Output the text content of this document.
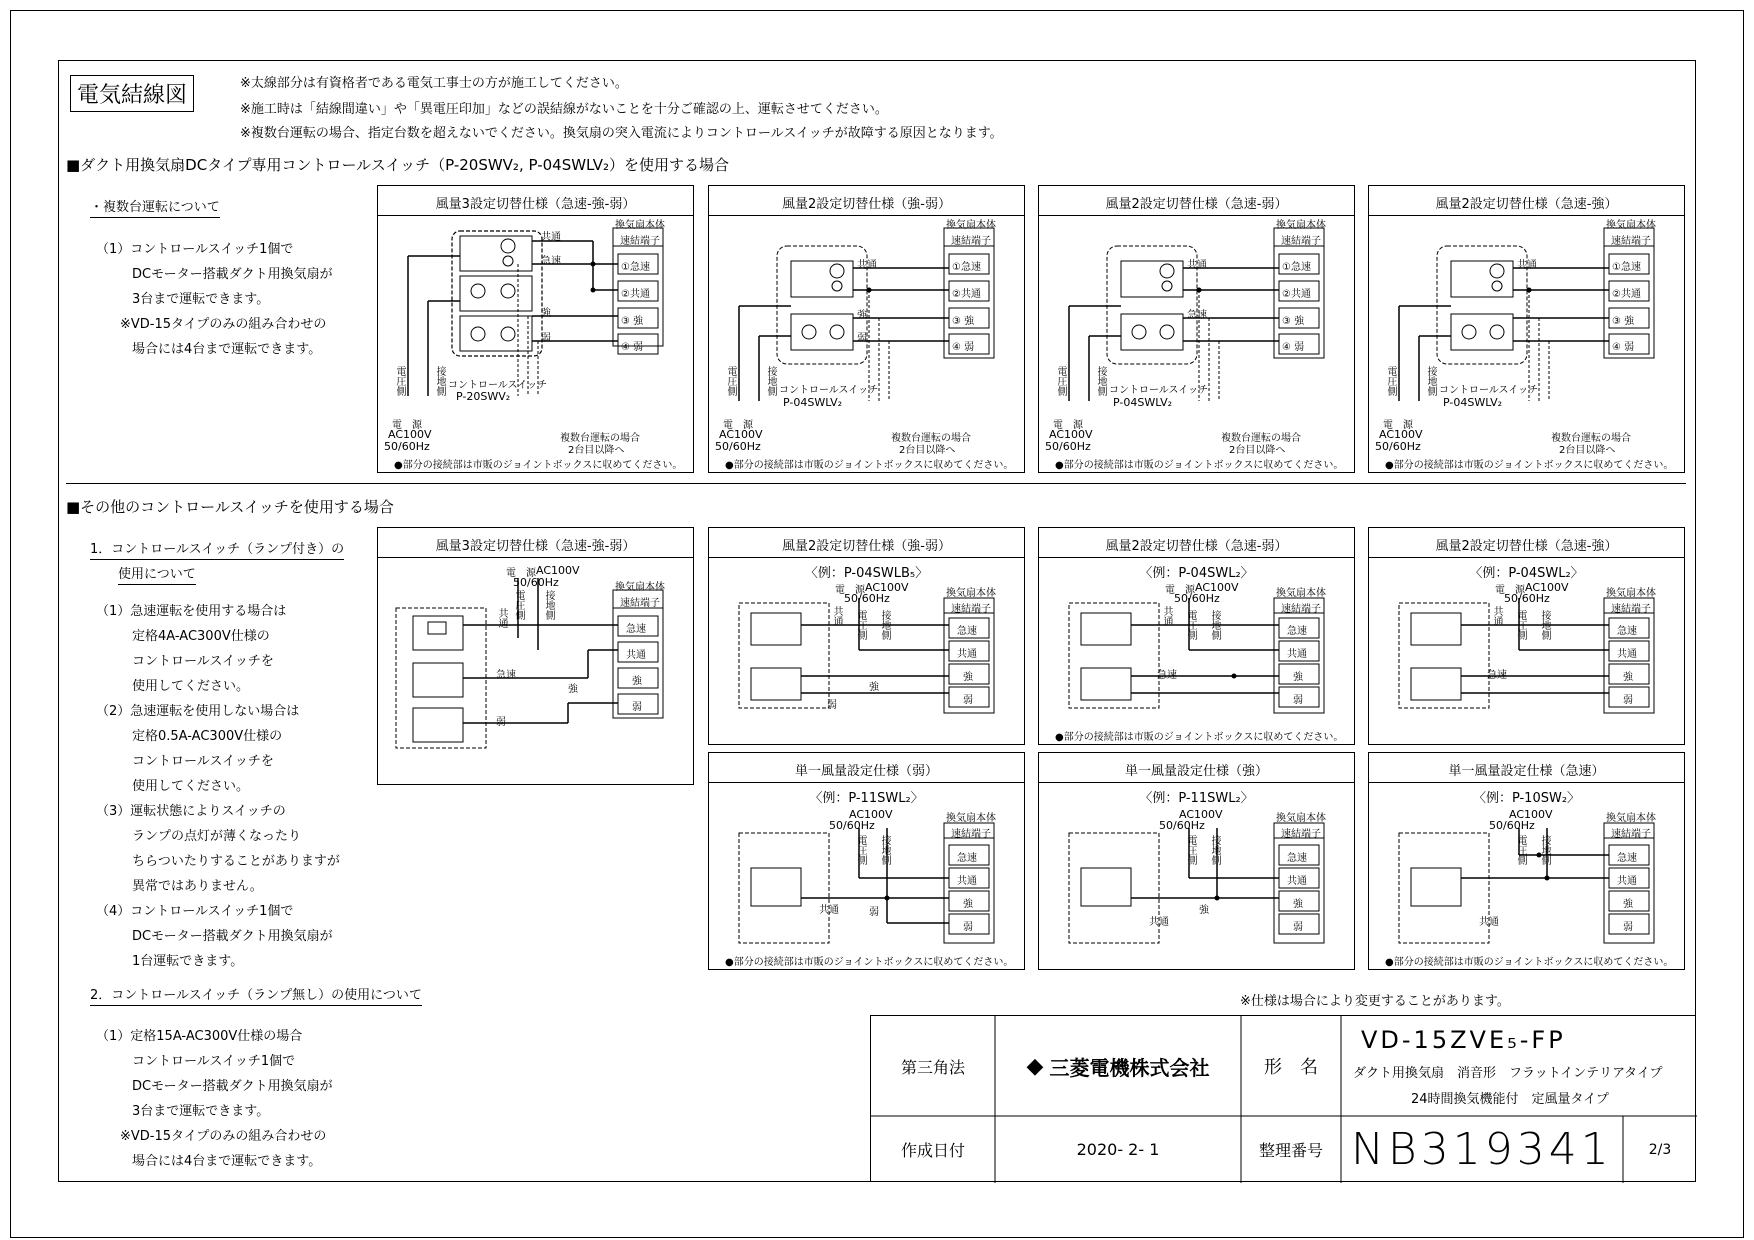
電気結線図	※太線部分は有資格者である電気工事士の方が施工してください。
※施工時は「結線間違い」や「異電圧印加」などの誤結線がないことを十分ご確認の上、運転させてください。
※複数台運転の場合、指定台数を超えないでください。換気扇の突入電流によりコントロールスイッチが故障する原因となります。
■ダクト用換気扇DCタイプ専用コントロールスイッチ（P-20SWV₂, P-04SWLV₂）を使用する場合
・複数台運転について
（1）コントロールスイッチ1個で
DCモーター搭載ダクト用換気扇が
3台まで運転できます。
※VD-15タイプのみの組み合わせの
場合には4台まで運転できます。
風量3設定切替仕様（急速-強-弱）
共通
急速
強
弱
換気扇本体
速結端子
①急速
②共通
③ 強
④ 弱
コントロールスイッチ
P-20SWV₂
電圧側	接地側
電　源
AC100V
50/60Hz
複数台運転の場合
2台目以降へ
●部分の接続部は市販のジョイントボックスに収めてください。
風量2設定切替仕様（強-弱）
共通
強
弱
換気扇本体
速結端子
①急速
②共通
③ 強
④ 弱
コントロールスイッチ
P-04SWLV₂
電圧側	接地側
電　源
AC100V
50/60Hz
複数台運転の場合
2台目以降へ
●部分の接続部は市販のジョイントボックスに収めてください。
風量2設定切替仕様（急速-弱）
共通
急速
換気扇本体
速結端子
①急速
②共通
③ 強
④ 弱
コントロールスイッチ
P-04SWLV₂
電圧側	接地側
電　源
AC100V
50/60Hz
複数台運転の場合
2台目以降へ
●部分の接続部は市販のジョイントボックスに収めてください。
風量2設定切替仕様（急速-強）
共通
換気扇本体
速結端子
①急速
②共通
③ 強
④ 弱
コントロールスイッチ
P-04SWLV₂
電圧側	接地側
電　源
AC100V
50/60Hz
複数台運転の場合
2台目以降へ
●部分の接続部は市販のジョイントボックスに収めてください。
■その他のコントロールスイッチを使用する場合
1．コントロールスイッチ（ランプ付き）の
使用について
（1）急速運転を使用する場合は
定格4A-AC300V仕様の
コントロールスイッチを
使用してください。
（2）急速運転を使用しない場合は
定格0.5A-AC300V仕様の
コントロールスイッチを
使用してください。
（3）運転状態によりスイッチの
ランプの点灯が薄くなったり
ちらついたりすることがありますが
異常ではありません。
（4）コントロールスイッチ1個で
DCモーター搭載ダクト用換気扇が
1台運転できます。
2．コントロールスイッチ（ランプ無し）の使用について
（1）定格15A-AC300V仕様の場合
コントロールスイッチ1個で
DCモーター搭載ダクト用換気扇が
3台まで運転できます。
※VD-15タイプのみの組み合わせの
場合には4台まで運転できます。
風量3設定切替仕様（急速-強-弱）
電　源 AC100V
50/60Hz	換気扇本体
速結端子
急速
共通
強
弱
電圧側 接地側
共通
急速
強
弱
風量2設定切替仕様（強-弱）
〈例：P-04SWLB₅〉
電　源 AC100V
50/60Hz	換気扇本体
速結端子
急速
共通
強
弱
電圧側 接地側
共通
強
弱
風量2設定切替仕様（急速-弱）
〈例：P-04SWL₂〉
電　源 AC100V
50/60Hz	換気扇本体
速結端子
急速
共通
強
弱
電圧側 接地側
共通
急速
●部分の接続部は市販のジョイントボックスに収めてください。
風量2設定切替仕様（急速-強）
〈例：P-04SWL₂〉
電　源 AC100V
50/60Hz	換気扇本体
速結端子
急速
共通
強
弱
電圧側 接地側
共通
急速
単一風量設定仕様（弱）
〈例：P-11SWL₂〉
AC100V
50/60Hz
換気扇本体
速結端子
急速
共通
強
弱
電圧側 接地側
共通	弱
●部分の接続部は市販のジョイントボックスに収めてください。
単一風量設定仕様（強）
〈例：P-11SWL₂〉
AC100V
50/60Hz
換気扇本体
速結端子
急速
共通
強
弱
電圧側 接地側
共通
強
単一風量設定仕様（急速）
〈例：P-10SW₂〉
AC100V
50/60Hz
換気扇本体
速結端子
急速
共通
強
弱
電圧側 接地側
共通
●部分の接続部は市販のジョイントボックスに収めてください。
※仕様は場合により変更することがあります。
第三角法	◆ 三菱電機株式会社	形　名
VD-15ZVE₅-FP
ダクト用換気扇　消音形　フラットインテリアタイプ
24時間換気機能付　定風量タイプ
作成日付	2020- 2- 1	整理番号 NB319341	2/3
